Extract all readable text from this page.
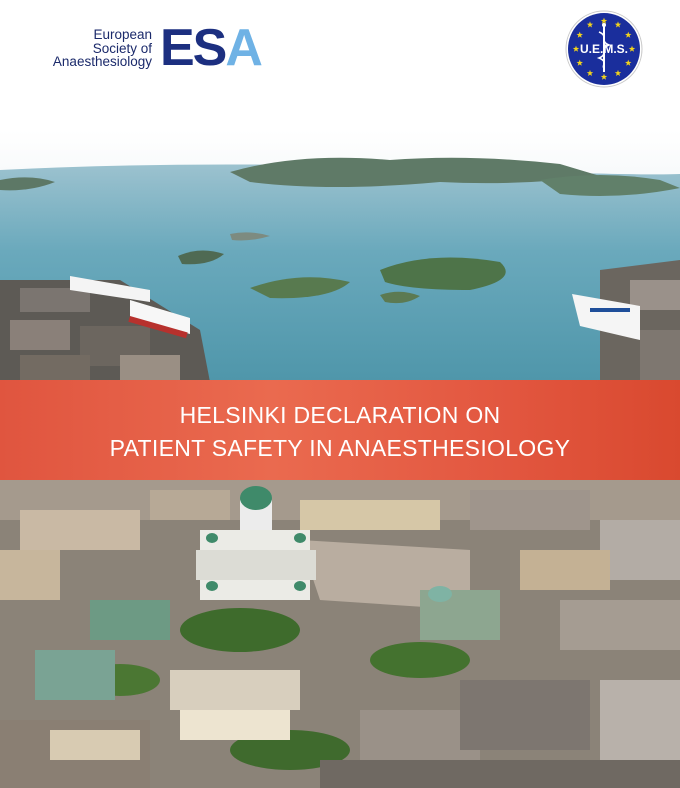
European
Society of
Anaesthesiology ESA	U.E.M.S.
HELSINKI DECLARATION ON
PATIENT SAFETY IN ANAESTHESIOLOGY
